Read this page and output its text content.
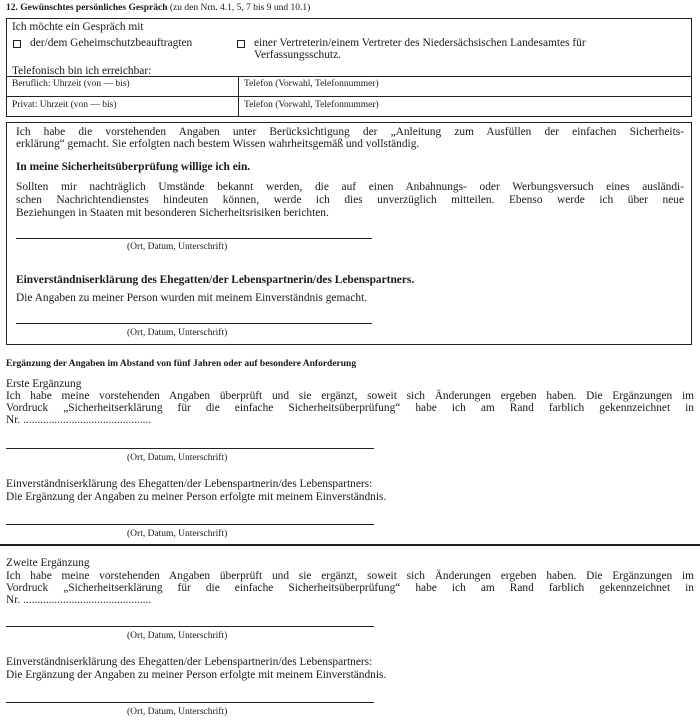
12. Gewünschtes persönliches Gespräch (zu den Nrn. 4.1, 5, 7 bis 9 und 10.1)
Ich möchte ein Gespräch mit
der/dem Geheimschutzbeauftragten	einer Vertreterin/einem Vertreter des Niedersächsischen Landesamtes für
Verfassungsschutz.
Telefonisch bin ich erreichbar:
Beruflich: Uhrzeit (von — bis)	Telefon (Vorwahl, Telefonnummer)
Privat: Uhrzeit (von — bis)	Telefon (Vorwahl, Telefonnummer)
Ich habe die vorstehenden Angaben unter Berücksichtigung der „Anleitung zum Ausfüllen der einfachen Sicherheits-
erklärung“ gemacht. Sie erfolgten nach bestem Wissen wahrheitsgemäß und vollständig.
In meine Sicherheitsüberprüfung willige ich ein.
Sollten mir nachträglich Umstände bekannt werden, die auf einen Anbahnungs- oder Werbungsversuch eines ausländi-
schen Nachrichtendienstes hindeuten können, werde ich dies unverzüglich mitteilen. Ebenso werde ich über neue
Beziehungen in Staaten mit besonderen Sicherheitsrisiken berichten.
(Ort, Datum, Unterschrift)
Einverständniserklärung des Ehegatten/der Lebenspartnerin/des Lebenspartners.
Die Angaben zu meiner Person wurden mit meinem Einverständnis gemacht.
(Ort, Datum, Unterschrift)
Ergänzung der Angaben im Abstand von fünf Jahren oder auf besondere Anforderung
Erste Ergänzung
Ich habe meine vorstehenden Angaben überprüft und sie ergänzt, soweit sich Änderungen ergeben haben. Die Ergänzungen im
Vordruck „Sicherheitserklärung für die einfache Sicherheitsüberprüfung“ habe ich am Rand farblich gekennzeichnet in
Nr. .............................................
(Ort, Datum, Unterschrift)
Einverständniserklärung des Ehegatten/der Lebenspartnerin/des Lebenspartners:
Die Ergänzung der Angaben zu meiner Person erfolgte mit meinem Einverständnis.
(Ort, Datum, Unterschrift)
Zweite Ergänzung
Ich habe meine vorstehenden Angaben überprüft und sie ergänzt, soweit sich Änderungen ergeben haben. Die Ergänzungen im
Vordruck „Sicherheitserklärung für die einfache Sicherheitsüberprüfung“ habe ich am Rand farblich gekennzeichnet in
Nr. .............................................
(Ort, Datum, Unterschrift)
Einverständniserklärung des Ehegatten/der Lebenspartnerin/des Lebenspartners:
Die Ergänzung der Angaben zu meiner Person erfolgte mit meinem Einverständnis.
(Ort, Datum, Unterschrift)
